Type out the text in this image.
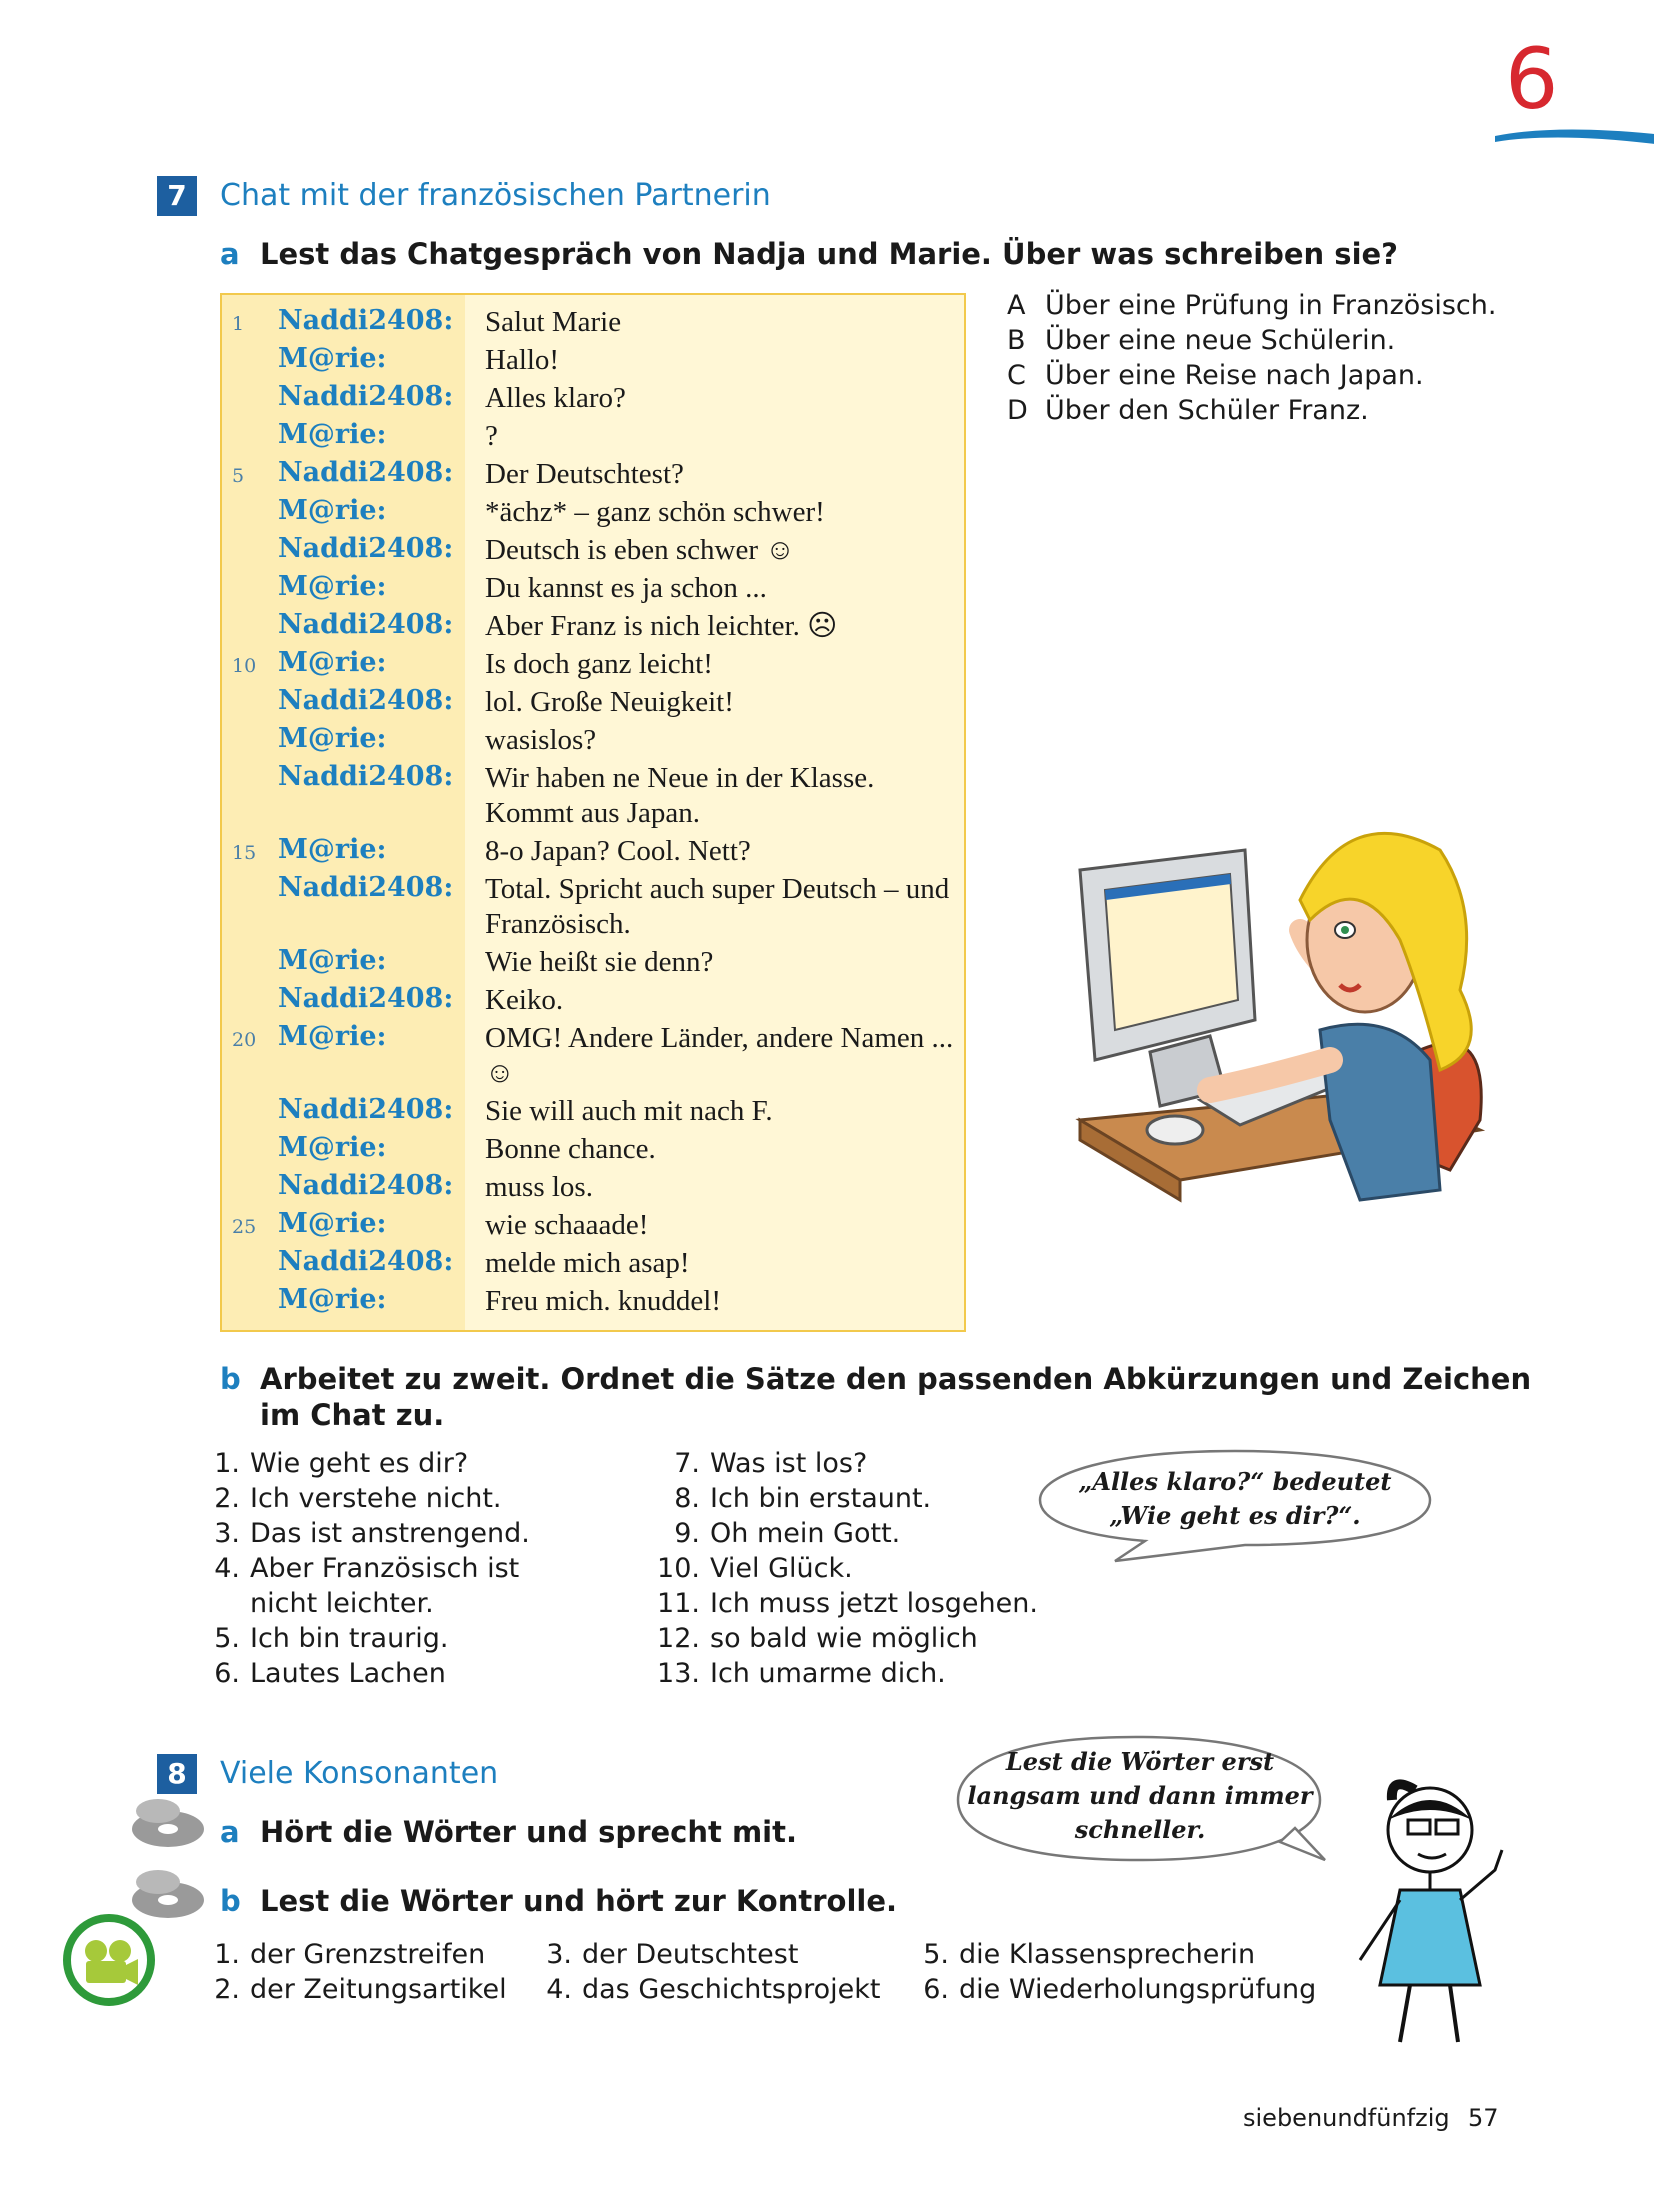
6
7	Chat mit der französischen Partnerin
a Lest das Chatgespräch von Nadja und Marie. Über was schreiben sie?
1	Naddi2408: Salut Marie
M@rie:	Hallo!
Naddi2408: Alles klaro?
M@rie:	?
5	Naddi2408: Der Deutschtest?
M@rie:	*ächz* – ganz schön schwer!
Naddi2408: Deutsch is eben schwer ☺
M@rie:	Du kannst es ja schon ...
Naddi2408: Aber Franz is nich leichter. ☹
10 M@rie:	Is doch ganz leicht!
Naddi2408: lol. Große Neuigkeit!
M@rie:	wasislos?
Naddi2408: Wir haben ne Neue in der Klasse. Kommt aus Japan.
15 M@rie:	8-o Japan? Cool. Nett?
Naddi2408: Total. Spricht auch super Deutsch – und Französisch.
M@rie:	Wie heißt sie denn?
Naddi2408: Keiko.
20 M@rie:	OMG! Andere Länder, andere Namen ...☺
Naddi2408: Sie will auch mit nach F.
M@rie:	Bonne chance.
Naddi2408: muss los.
25 M@rie:	wie schaaade!
Naddi2408: melde mich asap!
M@rie:	Freu mich. knuddel!
A Über eine Prüfung in Französisch.
B Über eine neue Schülerin.
C Über eine Reise nach Japan.
D Über den Schüler Franz.
b Arbeitet zu zweit. Ordnet die Sätze den passenden Abkürzungen und Zeichen
im Chat zu.
1. Wie geht es dir?
2. Ich verstehe nicht.
3. Das ist anstrengend.
4. Aber Französisch ist
nicht leichter.
5. Ich bin traurig.
6. Lautes Lachen
7. Was ist los?
8. Ich bin erstaunt.
9. Oh mein Gott.
10. Viel Glück.
11. Ich muss jetzt losgehen.
12. so bald wie möglich
13. Ich umarme dich.
„Alles klaro?“ bedeutet
„Wie geht es dir?“.
8	Viele Konsonanten
a Hört die Wörter und sprecht mit.
b Lest die Wörter und hört zur Kontrolle.
1. der Grenzstreifen
2. der Zeitungsartikel
3. der Deutschtest
4. das Geschichtsprojekt
5. die Klassensprecherin
6. die Wiederholungsprüfung
Lest die Wörter erst
langsam und dann immer
schneller.
siebenundfünfzig 57
